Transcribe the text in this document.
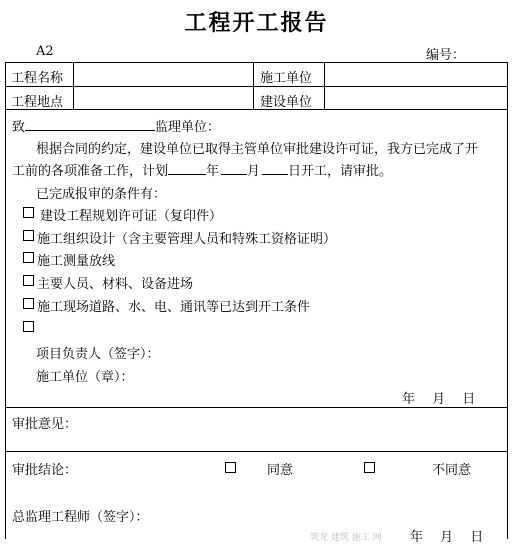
工程开工报告
A2	编号：
工程名称	施工单位
工程地点	建设单位
致	监理单位：
根据合同的约定，建设单位已取得主管单位审批建设许可证，我方已完成了开
工前的各项准备工作，计划	年 月 日开工，请审批。
已完成报审的条件有：
建设工程规划许可证（复印件）
施工组织设计（含主要管理人员和特殊工资格证明）
施工测量放线
主要人员、材料、设备进场
施工现场道路、水、电、通讯等已达到开工条件
项目负责人（签字）：
施工单位（章）：
年　 月　 日
审批意见：
审批结论：	同意	不同意
总监理工程师（签字）：
年　 月　 日
筑龙 建筑 施工 网
